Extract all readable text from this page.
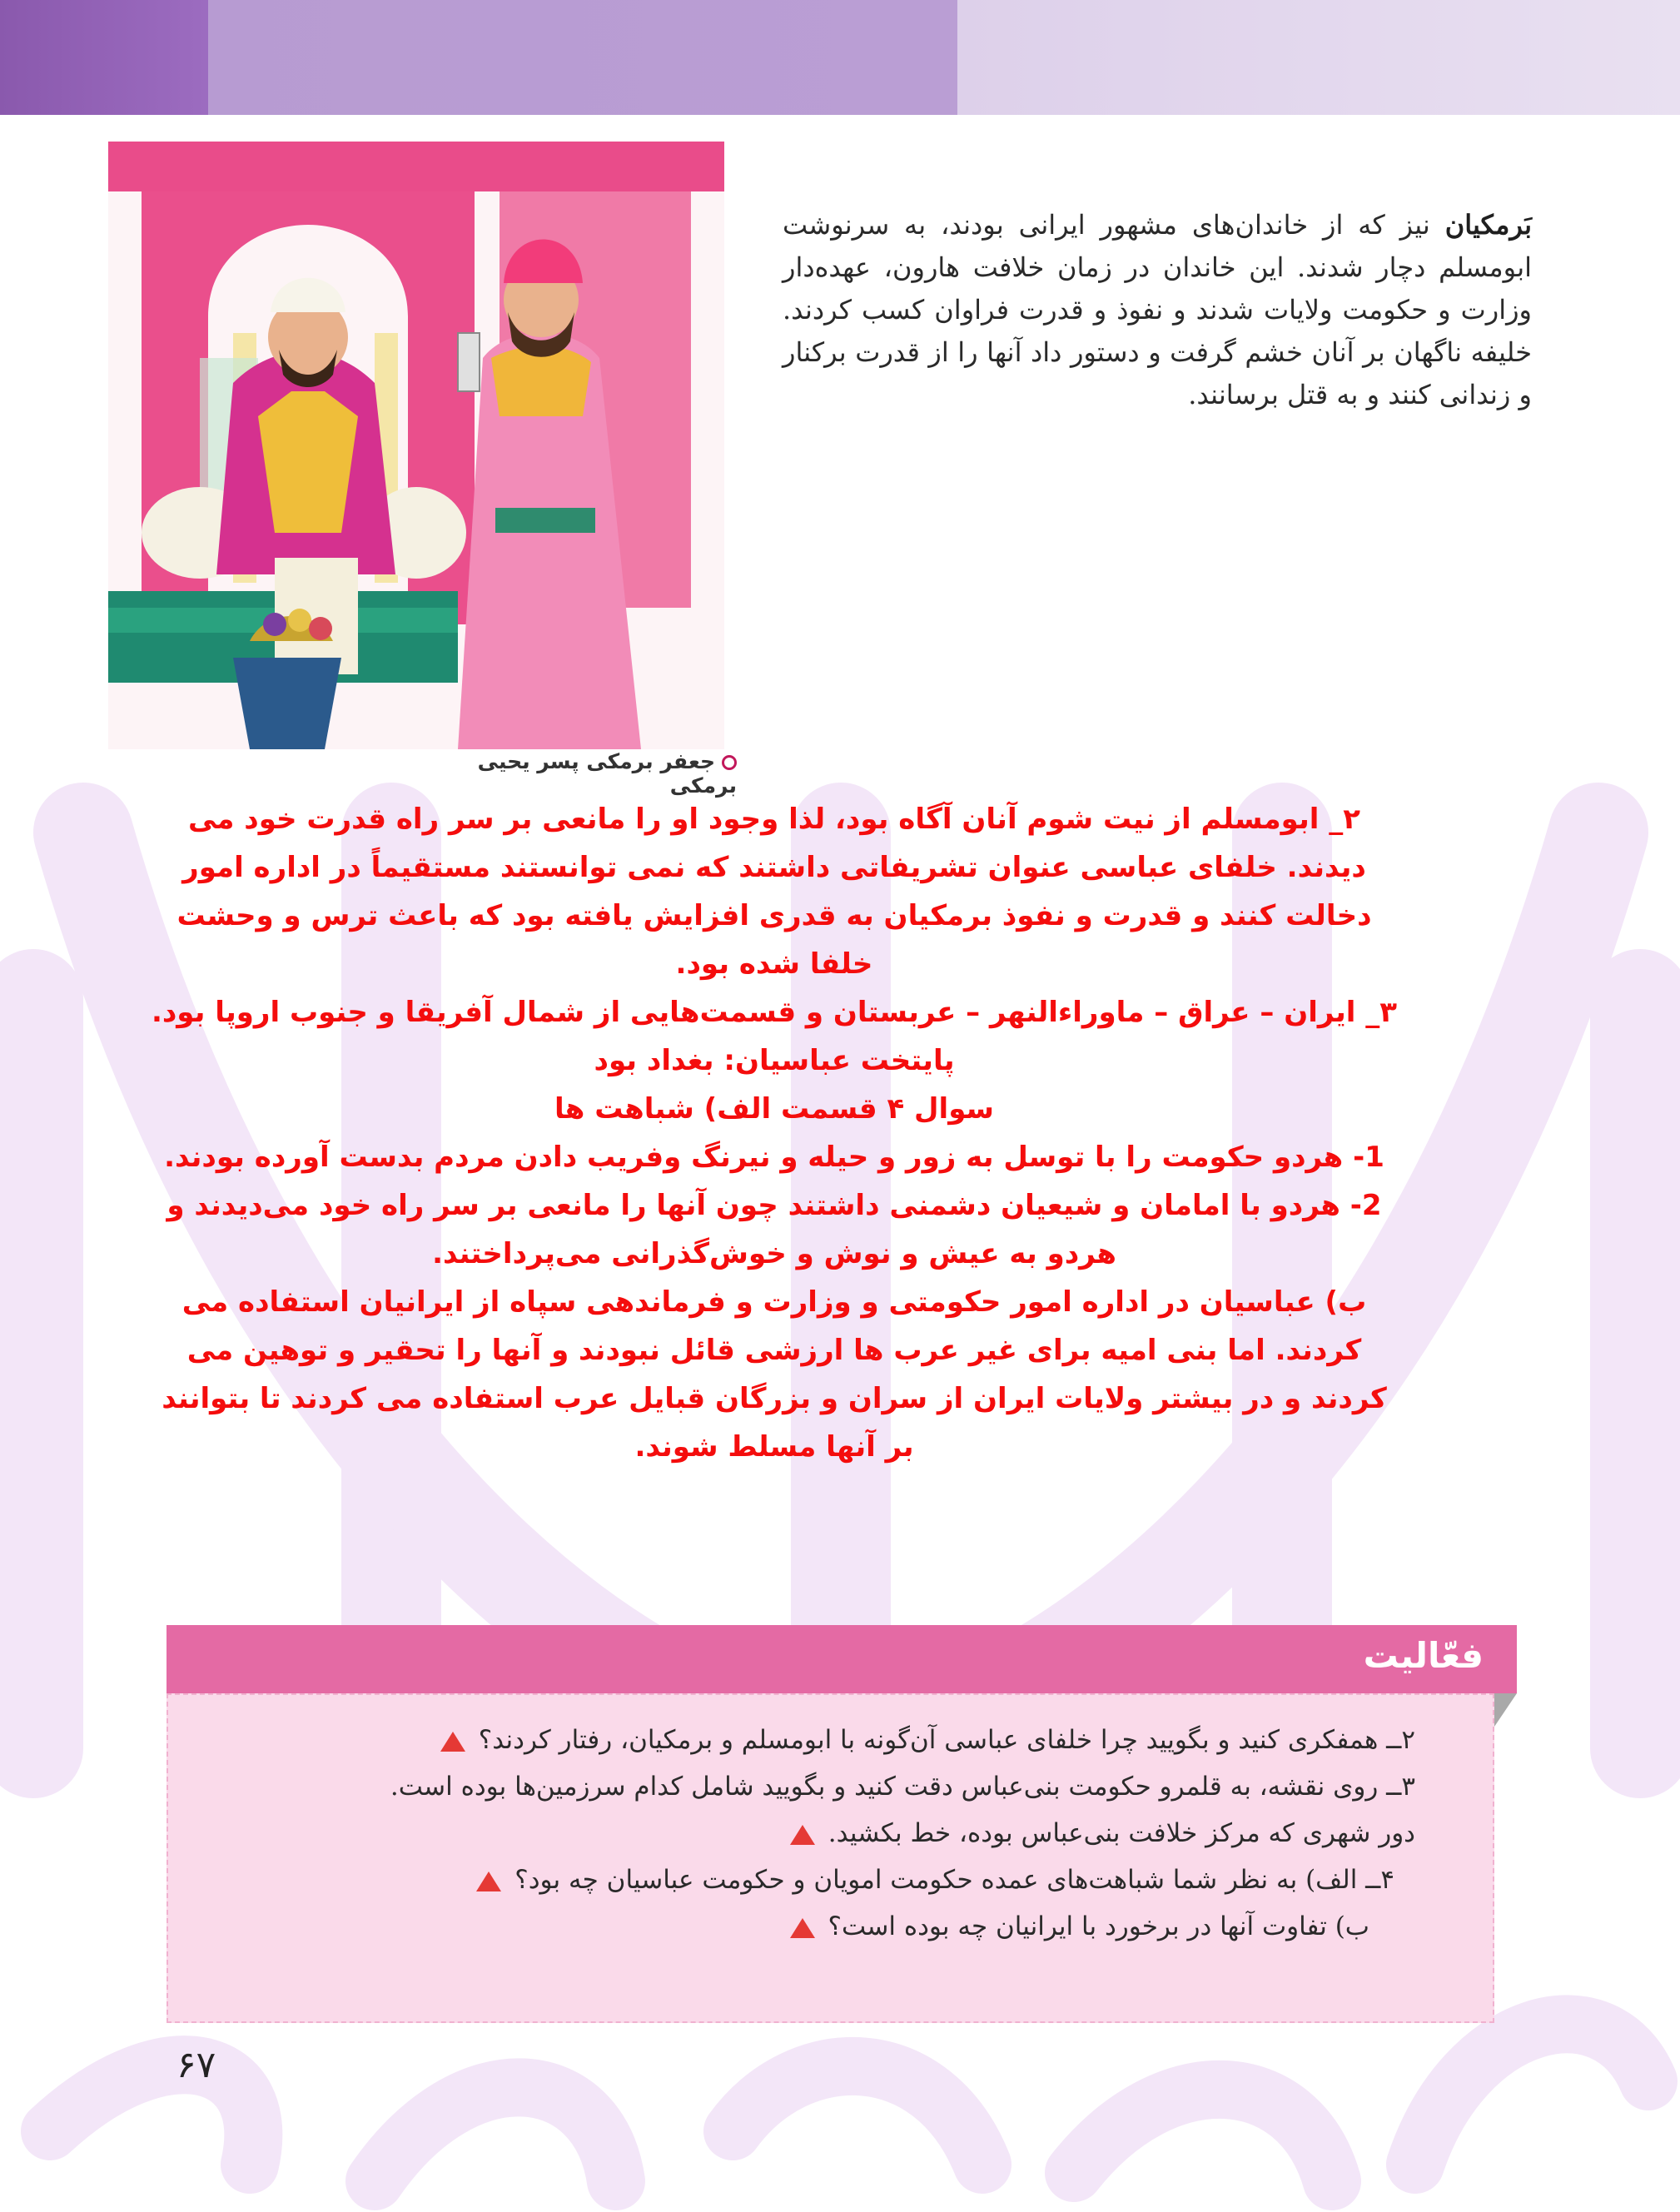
جعفر برمکی پسر یحیی برمکی
بَرمکیان نیز که از خاندان‌های مشهور ایرانی بودند، به سرنوشت ابومسلم دچار شدند. این خاندان در زمان خلافت هارون، عهده‌دار وزارت و حکومت ولایات شدند و نفوذ و قدرت فراوان کسب کردند. خلیفه ناگهان بر آنان خشم گرفت و دستور داد آنها را از قدرت برکنار و زندانی کنند و به قتل برسانند.

۲_ ابومسلم از نیت شوم آنان آگاه بود، لذا وجود او را مانعی بر سر راه قدرت خود می دیدند. خلفای عباسی عنوان تشریفاتی داشتند که نمی توانستند مستقیماً در اداره امور دخالت کنند و قدرت و نفوذ برمکیان به قدری افزایش یافته بود که باعث ترس و وحشت خلفا شده بود.

۳_ ایران – عراق – ماوراءالنهر – عربستان و قسمت‌هایی از شمال آفریقا و جنوب اروپا بود.

پایتخت عباسیان: بغداد بود

سوال ۴ قسمت الف) شباهت ها

1- هردو حکومت را با توسل به زور و حیله و نیرنگ وفریب دادن مردم بدست آورده بودند.

2- هردو با امامان و شیعیان دشمنی داشتند چون آنها را مانعی بر سر راه خود می‌دیدند و هردو به عیش و نوش و خوش‌گذرانی می‌پرداختند.

ب) عباسیان در اداره امور حکومتی و وزارت و فرماندهی سپاه از ایرانیان استفاده می کردند. اما بنی امیه برای غیر عرب ها ارزشی قائل نبودند و آنها را تحقیر و توهین می کردند و در بیشتر ولایات ایران از سران و بزرگان قبایل عرب استفاده می کردند تا بتوانند بر آنها مسلط شوند.

فعّالیت
۲ــ همفکری کنید و بگویید چرا خلفای عباسی آن‌گونه با ابومسلم و برمکیان، رفتار کردند؟
۳ــ روی نقشه، به قلمرو حکومت بنی‌عباس دقت کنید و بگویید شامل کدام سرزمین‌ها بوده است.
دور شهری که مرکز خلافت بنی‌عباس بوده، خط بکشید.
۴ــ الف) به نظر شما شباهت‌های عمده حکومت امویان و حکومت عباسیان چه بود؟
ب) تفاوت آنها در برخورد با ایرانیان چه بوده است؟
۶۷
